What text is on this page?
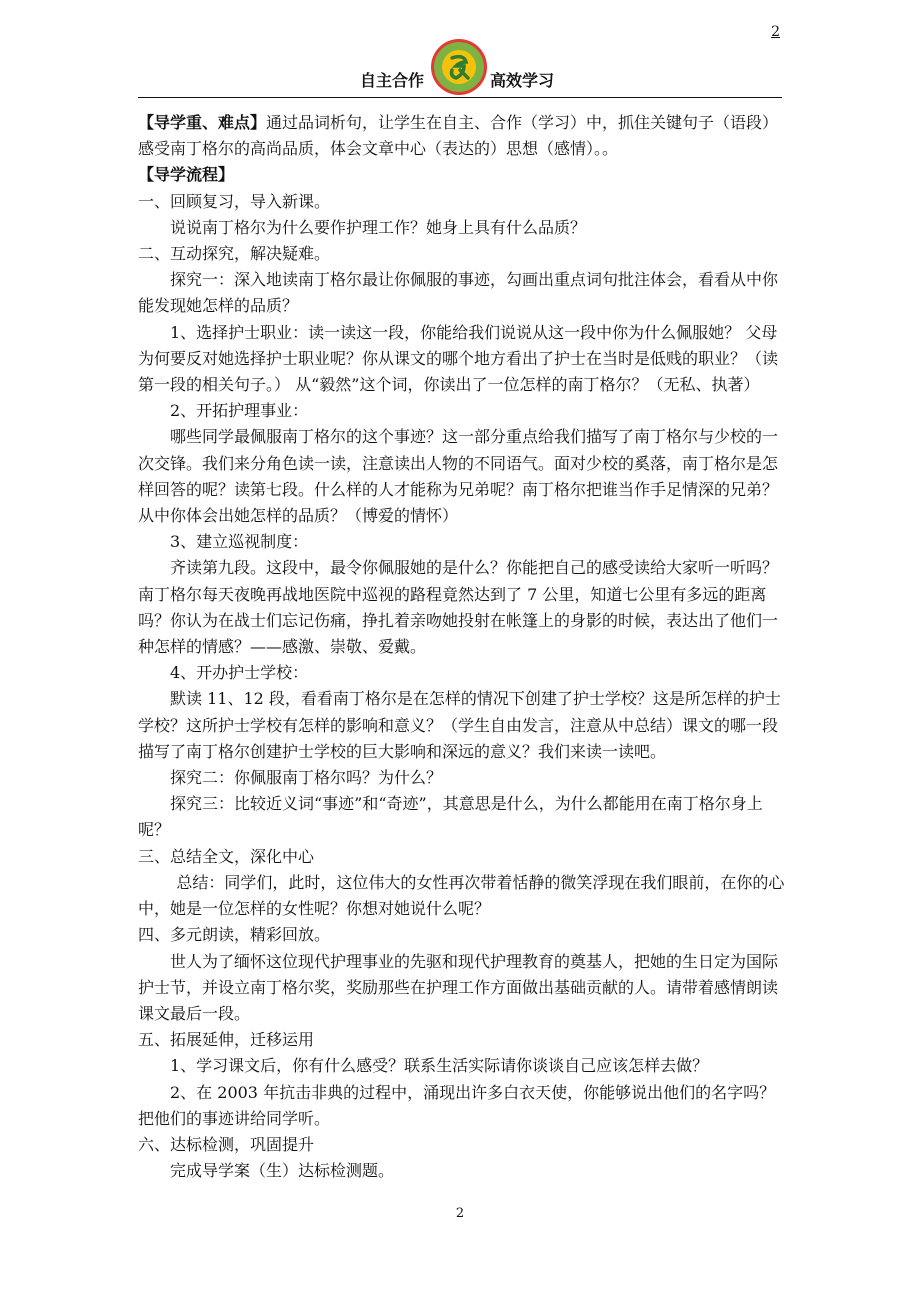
2
自主合作	高效学习

【导学重、难点】通过品词析句，让学生在自主、合作（学习）中，抓住关键句子（语段）感受南丁格尔的高尚品质，体会文章中心（表达的）思想（感情）。。

【导学流程】

一、回顾复习，导入新课。

说说南丁格尔为什么要作护理工作？她身上具有什么品质？

二、互动探究，解决疑难。

探究一：深入地读南丁格尔最让你佩服的事迹，勾画出重点词句批注体会，看看从中你能发现她怎样的品质？

1、选择护士职业：读一读这一段，你能给我们说说从这一段中你为什么佩服她？ 父母为何要反对她选择护士职业呢？你从课文的哪个地方看出了护士在当时是低贱的职业？（读第一段的相关句子。） 从“毅然”这个词，你读出了一位怎样的南丁格尔？（无私、执著）

2、开拓护理事业：

哪些同学最佩服南丁格尔的这个事迹？这一部分重点给我们描写了南丁格尔与少校的一次交锋。我们来分角色读一读，注意读出人物的不同语气。面对少校的奚落，南丁格尔是怎样回答的呢？读第七段。什么样的人才能称为兄弟呢？南丁格尔把谁当作手足情深的兄弟？从中你体会出她怎样的品质？（博爱的情怀）

3、建立巡视制度：

齐读第九段。这段中，最令你佩服她的是什么？你能把自己的感受读给大家听一听吗？南丁格尔每天夜晚再战地医院中巡视的路程竟然达到了 7 公里，知道七公里有多远的距离吗？你认为在战士们忘记伤痛，挣扎着亲吻她投射在帐篷上的身影的时候，表达出了他们一种怎样的情感？——感激、崇敬、爱戴。

4、开办护士学校：

默读 11、12 段，看看南丁格尔是在怎样的情况下创建了护士学校？这是所怎样的护士学校？这所护士学校有怎样的影响和意义？（学生自由发言，注意从中总结）课文的哪一段描写了南丁格尔创建护士学校的巨大影响和深远的意义？我们来读一读吧。

探究二：你佩服南丁格尔吗？为什么？

探究三：比较近义词“事迹”和“奇迹”，其意思是什么，为什么都能用在南丁格尔身上呢？

三、总结全文，深化中心

总结：同学们，此时，这位伟大的女性再次带着恬静的微笑浮现在我们眼前，在你的心中，她是一位怎样的女性呢？你想对她说什么呢？

四、多元朗读，精彩回放。

世人为了缅怀这位现代护理事业的先驱和现代护理教育的奠基人，把她的生日定为国际护士节，并设立南丁格尔奖，奖励那些在护理工作方面做出基础贡献的人。请带着感情朗读课文最后一段。

五、拓展延伸，迁移运用

1、学习课文后，你有什么感受？联系生活实际请你谈谈自己应该怎样去做？

2、在 2003 年抗击非典的过程中，涌现出许多白衣天使，你能够说出他们的名字吗？把他们的事迹讲给同学听。

六、达标检测，巩固提升

完成导学案（生）达标检测题。

2
